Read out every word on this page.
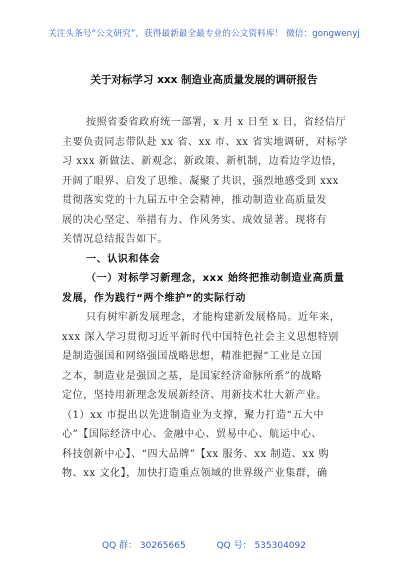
关注头条号“公文研究”，获得最新最全最专业的公文资料库！ 微信：gongwenyj
关于对标学习 xxx 制造业高质量发展的调研报告
按照省委省政府统一部署，x 月 x 日至 x 日，省经信厅
主要负责同志带队赴 xx 省、xx 市、xx 省实地调研，对标学
习 xxx 新做法、新观念、新政策、新机制，边看边学边悟，
开阔了眼界、启发了思维、凝聚了共识，强烈地感受到 xxx
贯彻落实党的十九届五中全会精神，推动制造业高质量发
展的决心坚定、举措有力、作风务实、成效显著。现将有
关情况总结报告如下。
一、认识和体会
（一）对标学习新理念，xxx 始终把推动制造业高质量
发展，作为践行“两个维护”的实际行动
只有树牢新发展理念，才能构建新发展格局。近年来，
xxx 深入学习贯彻习近平新时代中国特色社会主义思想特别
是制造强国和网络强国战略思想，精准把握“工业是立国
之本，制造业是强国之基，是国家经济命脉所系”的战略
定位，坚持用新理念发展新经济、用新技术壮大新产业。
（1）xx 市提出以先进制造业为支撑，聚力打造“五大中
心”【国际经济中心、金融中心、贸易中心、航运中心、
科技创新中心】、“四大品牌”【xx 服务、xx 制造、xx 购
物、xx 文化】，加快打造重点领域的世界级产业集群，确
QQ 群： 30265665	QQ 号： 535304092
